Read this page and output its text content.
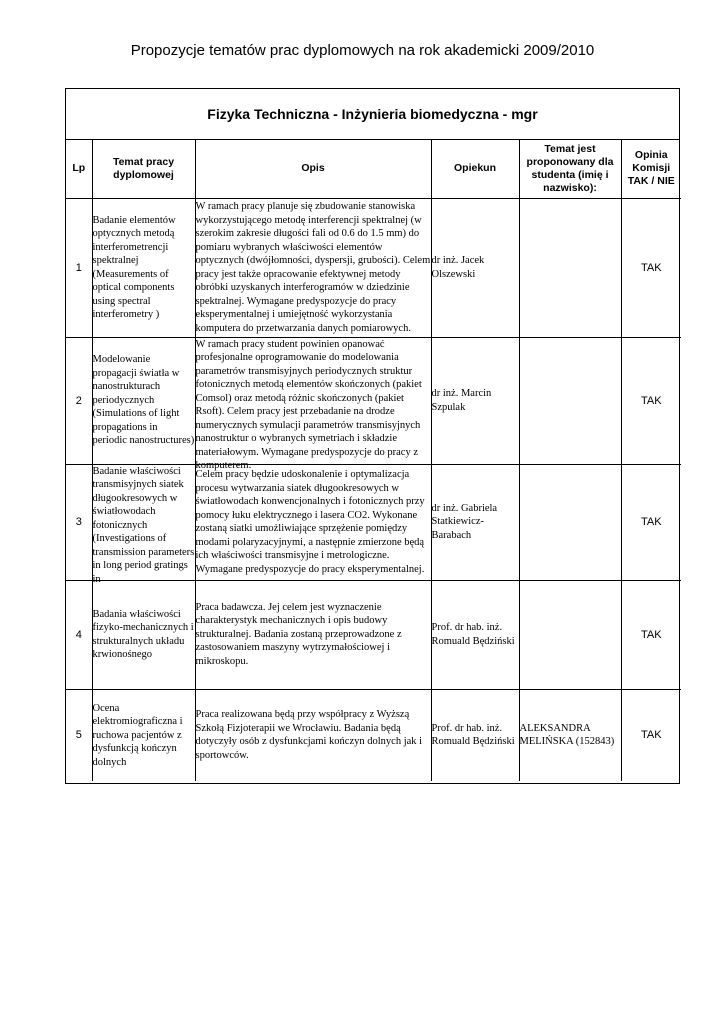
Propozycje tematów prac dyplomowych na rok akademicki 2009/2010
Fizyka Techniczna - Inżynieria biomedyczna - mgr
Lp	Temat pracy dyplomowej	Opis	Opiekun	Temat jest proponowany dla studenta (imię i nazwisko):	Opinia Komisji TAK / NIE

1	Badanie elementów optycznych metodą interferometrencji spektralnej (Measurements of optical components using spectral interferometry )	W ramach pracy planuje się zbudowanie stanowiska wykorzystującego metodę interferencji spektralnej (w szerokim zakresie długości fali od 0.6 do 1.5 mm) do pomiaru wybranych właściwości elementów optycznych (dwójłomności, dyspersji, grubości). Celem pracy jest także opracowanie efektywnej metody obróbki uzyskanych interferogramów w dziedzinie spektralnej. Wymagane predyspozycje do pracy eksperymentalnej i umiejętność wykorzystania komputera do przetwarzania danych pomiarowych.	dr inż. Jacek Olszewski		TAK
2	Modelowanie propagacji światła w nanostrukturach periodycznych (Simulations of light propagations in periodic nanostructures)	W ramach pracy student powinien opanować profesjonalne oprogramowanie do modelowania parametrów transmisyjnych periodycznych struktur fotonicznych metodą elementów skończonych (pakiet Comsol) oraz metodą różnic skończonych (pakiet Rsoft). Celem pracy jest przebadanie na drodze numerycznych symulacji parametrów transmisyjnych nanostruktur o wybranych symetriach i składzie materiałowym. Wymagane predyspozycje do pracy z komputerem.	dr inż. Marcin Szpulak		TAK
3	Badanie właściwości transmisyjnych siatek długookresowych w światłowodach fotonicznych (Investigations of transmission parameters in long period gratings in	Celem pracy będzie udoskonalenie i optymalizacja procesu wytwarzania siatek długookresowych w światłowodach konwencjonalnych i fotonicznych przy pomocy łuku elektrycznego i lasera CO2. Wykonane zostaną siatki umożliwiające sprzężenie pomiędzy modami polaryzacyjnymi, a następnie zmierzone będą ich właściwości transmisyjne i metrologiczne. Wymagane predyspozycje do pracy eksperymentalnej.	dr inż. Gabriela Statkiewicz-Barabach		TAK
4	Badania właściwości fizyko-mechanicznych i strukturalnych układu krwionośnego	Praca badawcza. Jej celem jest wyznaczenie charakterystyk mechanicznych i opis budowy strukturalnej. Badania zostaną przeprowadzone z zastosowaniem maszyny wytrzymałościowej i mikroskopu.	Prof. dr hab. inż. Romuald Będziński		TAK
5	Ocena elektromiograficzna i ruchowa pacjentów z dysfunkcją kończyn dolnych	Praca realizowana będą przy współpracy z Wyższą Szkołą Fizjoterapii we Wrocławiu. Badania będą dotyczyły osób z dysfunkcjami kończyn dolnych jak i sportowców.	Prof. dr hab. inż. Romuald Będziński	ALEKSANDRA MELIŃSKA (152843)	TAK
